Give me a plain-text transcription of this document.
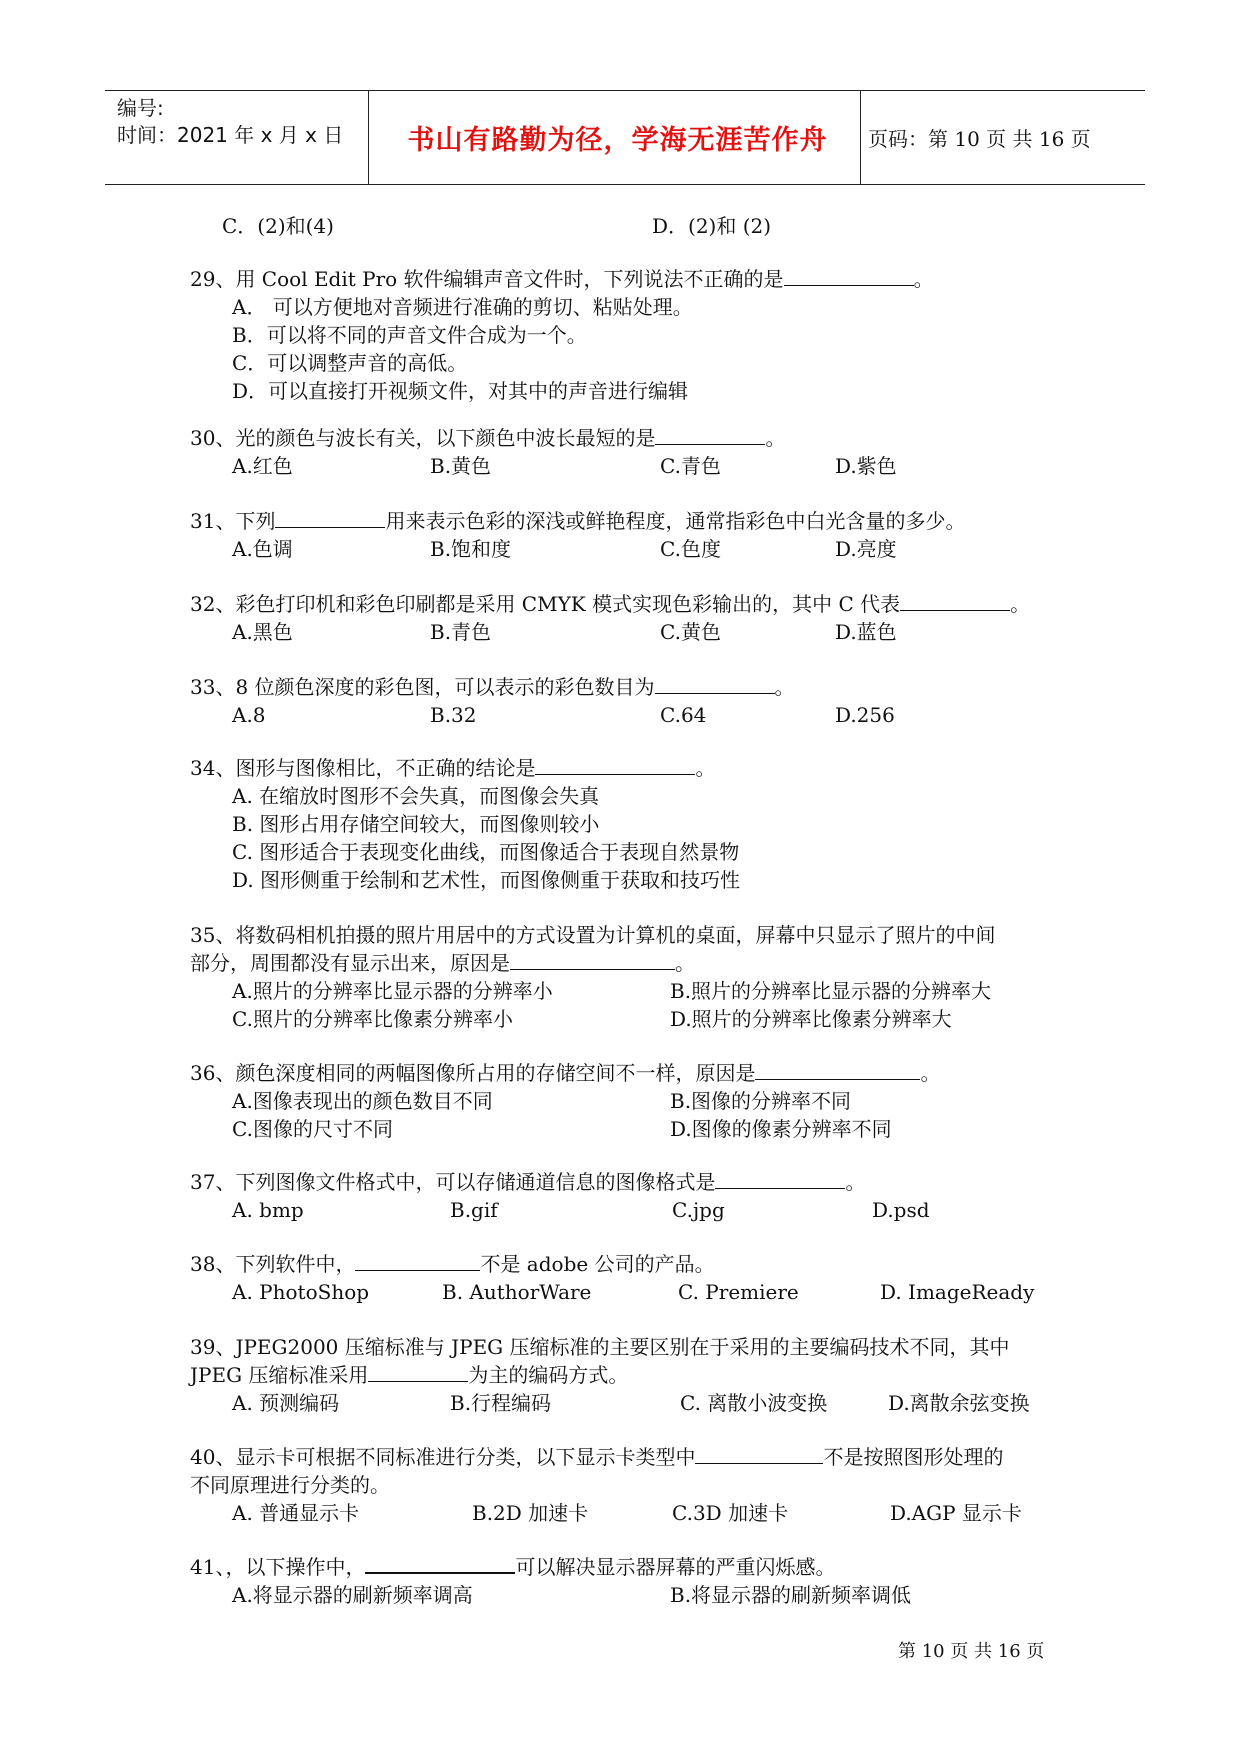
编号:
时间：2021 年 x 月 x 日	书山有路勤为径，学海无涯苦作舟	页码：第 10 页 共 16 页
C．(2)和(4)	D．(2)和 (2)
29、用 Cool Edit Pro 软件编辑声音文件时，下列说法不正确的是	。
A． 可以方便地对音频进行准确的剪切、粘贴处理。
B．可以将不同的声音文件合成为一个。
C．可以调整声音的高低。
D．可以直接打开视频文件，对其中的声音进行编辑
30、光的颜色与波长有关，以下颜色中波长最短的是	。
A.红色	B.黄色	C.青色	D.紫色
31、下列	用来表示色彩的深浅或鲜艳程度，通常指彩色中白光含量的多少。
A.色调	B.饱和度	C.色度	D.亮度
32、彩色打印机和彩色印刷都是采用 CMYK 模式实现色彩输出的，其中 C 代表	。
A.黑色	B.青色	C.黄色	D.蓝色
33、8 位颜色深度的彩色图，可以表示的彩色数目为	。
A.8	B.32	C.64	D.256
34、图形与图像相比，不正确的结论是	。
A. 在缩放时图形不会失真，而图像会失真
B. 图形占用存储空间较大，而图像则较小
C. 图形适合于表现变化曲线，而图像适合于表现自然景物
D. 图形侧重于绘制和艺术性，而图像侧重于获取和技巧性
35、将数码相机拍摄的照片用居中的方式设置为计算机的桌面，屏幕中只显示了照片的中间
部分，周围都没有显示出来，原因是	。
A.照片的分辨率比显示器的分辨率小	B.照片的分辨率比显示器的分辨率大
C.照片的分辨率比像素分辨率小	D.照片的分辨率比像素分辨率大
36、颜色深度相同的两幅图像所占用的存储空间不一样，原因是	。
A.图像表现出的颜色数目不同	B.图像的分辨率不同
C.图像的尺寸不同	D.图像的像素分辨率不同
37、下列图像文件格式中，可以存储通道信息的图像格式是	。
A. bmp	B.gif	C.jpg	D.psd
38、下列软件中，	不是 adobe 公司的产品。
A. PhotoShop	B. AuthorWare	C. Premiere	D. ImageReady
39、JPEG2000 压缩标准与 JPEG 压缩标准的主要区别在于采用的主要编码技术不同，其中
JPEG 压缩标准采用	为主的编码方式。
A. 预测编码	B.行程编码	C. 离散小波变换	D.离散余弦变换
40、显示卡可根据不同标准进行分类，以下显示卡类型中	不是按照图形处理的
不同原理进行分类的。
A. 普通显示卡	B.2D 加速卡	C.3D 加速卡	D.AGP 显示卡
41、，以下操作中，	可以解决显示器屏幕的严重闪烁感。
A.将显示器的刷新频率调高	B.将显示器的刷新频率调低
第 10 页 共 16 页
